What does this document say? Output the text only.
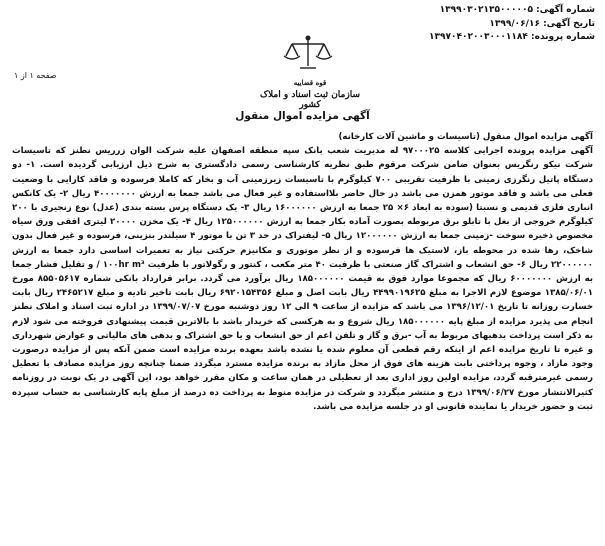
شماره آگهی: ۱۳۹۹۰۳۰۲۱۳۵۰۰۰۰۰۵
تاریخ آگهی: ۱۳۹۹/۰۶/۱۶
شماره پرونده: ۱۳۹۷۰۴۰۲۰۰۳۰۰۰۱۱۸۴
قوه قضاییه
سازمان ثبت اسناد و املاک کشور
صفحه ۱ از ۱
آگهی مزایده اموال منقول

آگهی مزایده اموال منقول (تاسیسات و ماشین آلات کارخانه)

آگهی مزایده پرونده اجرایی کلاسه ۹۷۰۰۰۲۵ له مدیریت شعب بانک سپه منطقه اصفهان علیه شرکت الوان زرریس نطنز که تاسیسات شرکت نیکو رنگریس بعنوان ضامن شرکت مرقوم طبق نظریه کارشناسی رسمی دادگستری به شرح ذیل ارزیابی گردیده است. ۱- دو دستگاه پاتیل رنگرزی زمینی با ظرفیت تقریبی ۷۰۰ کیلوگرم با تاسیسات زیرزمینی آب و بخار که کاملا فرسوده و فاقد کارایی با وضعیت فعلی می باشد و فاقد موتور همزن می باشد در حال حاضر بلااستفاده و غیر فعال می باشد جمعا به ارزش ۴۰۰۰۰۰۰۰ ریال ۲- یک کانکس انباری فلزی قدیمی و نسبتا (سوده به ابعاد ۶× ۲۵ جمعا به ارزش ۱۶۰۰۰۰۰۰ ریال ۳- یک دستگاه پرس بسته بندی (عدل) نوع زنجیری با ۲۰۰ کیلوگرم خروجی از بغل با تابلو برق مربوطه بصورت آماده بکار جمعا به ارزش ۱۲۵۰۰۰۰۰۰ ریال ۴- یک مخزن ۲۰۰۰۰ لیتری افقی ورق سیاه مخصوص ذخیره سوخت -زمینی جمعا به ارزش ۱۲۰۰۰۰۰۰ ریال ۵- لیفتراک در حد ۳ تن با موتور ۴ سیلندر بنزینی، فرسوده و غیر فعال بدون شاخک، رها شده در محوطه باز، لاستیک ها فرسوده و از نظر موتوری و مکانیزم حرکتی نیاز به تعمیرات اساسی دارد جمعا به ارزش ۲۲۰۰۰۰۰۰ ریال ۶- حق انشعاب و اشتراک گاز صنعتی با ظرفیت ۴۰ متر مکعب ، کنتور و رگولاتور با ظرفیت ۱۰۰hr m³ / و تقلیل فشار جمعا به ارزش ۶۰۰۰۰۰۰۰ ریال که مجموعا موارد فوق به قیمت ۱۸۵۰۰۰۰۰۰ ریال برآورد می گردد. برابر قرارداد بانکی شماره ۸۵۵۰۵۶۱۷ مورخ ۱۳۸۵/۰۶/۰۱ موضوع لازم الاجرا به مبلغ ۴۴۹۹۰۱۹۶۲۵ ریال بابت اصل و مبلغ ۶۹۲۰۱۵۴۳۵۶ ریال بابت تاخیر تادیه و مبلغ ۲۴۶۵۲۱۷ ریال بابت خسارت روزانه تا تاریخ ۱۳۹۶/۱۲/۰۱ می باشد که مزایده از ساعت ۹ الی ۱۲ روز دوشنبه مورخ ۱۳۹۹/۰۷/۰۷ در اداره ثبت اسناد و املاک نطنز انجام می پذیرد مزایده از مبلغ پایه ۱۸۵۰۰۰۰۰۰ ریال شروع و به هرکسی که خریدار باشد با بالاترین قیمت پیشنهادی فروخته می شود لازم به ذکر است پرداخت بدهیهای مربوط به آب -برق و گاز و تلفن اعم از حق انشعاب و یا حق اشتراک و بدهی های مالیاتی و عوارض شهرداری و غیره تا تاریخ مزایده اعم از اینکه رقم قطعی آن معلوم شده یا نشده باشد بعهده برنده مزایده است ضمن آنکه پس از مزایده درصورت وجود مازاد ، وجوه پرداختی بابت هزینه های فوق از محل مازاد به برنده مزایده مسترد میگردد ضمنا چنانچه روز مزایده مصادف با تعطیل رسمی غیرمترقبه گردد، مزایده اولین روز اداری بعد از تعطیلی در همان ساعت و مکان مقرر خواهد بود، این آگهی در یک نوبت در روزنامه کثیرالانتشار مورخ ۱۳۹۹/۰۶/۲۷ درج و منتشر میگردد و شرکت در مزایده منوط به پرداخت ده درصد از مبلغ پایه کارشناسی به حساب سپرده ثبت و حضور خریدار یا نماینده قانونی او در جلسه مزایده می باشد.
